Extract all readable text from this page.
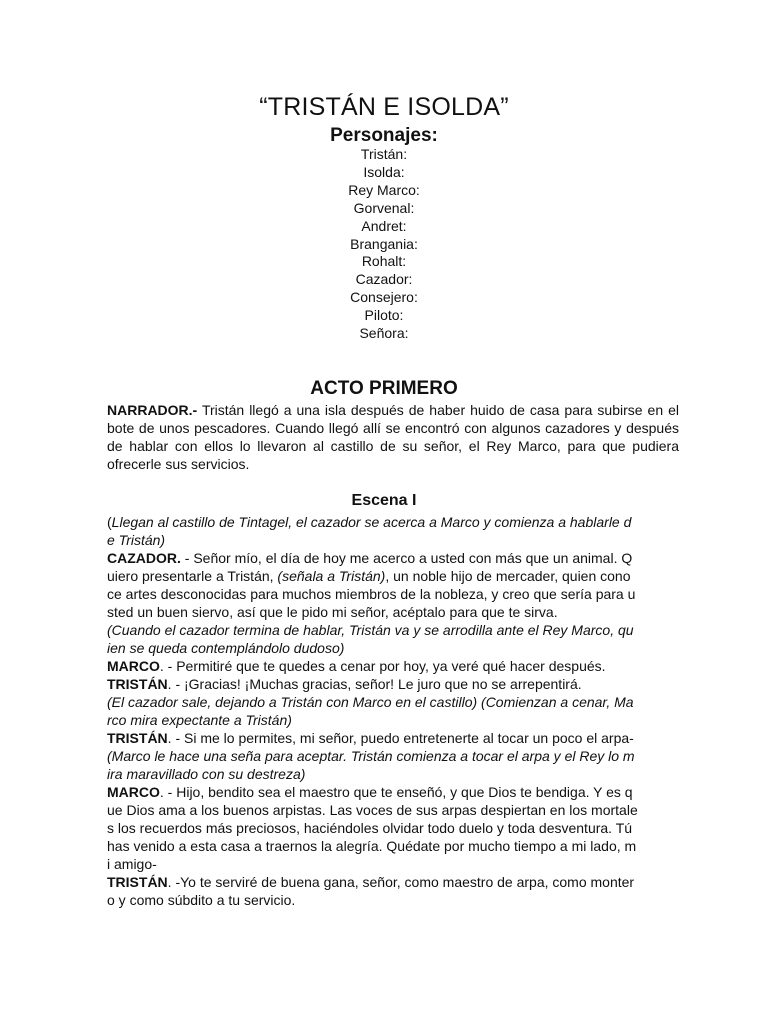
“TRISTÁN E ISOLDA”
Personajes:
Tristán:
Isolda:
Rey Marco:
Gorvenal:
Andret:
Brangania:
Rohalt:
Cazador:
Consejero:
Piloto:
Señora:
ACTO PRIMERO

NARRADOR.- Tristán llegó a una isla después de haber huido de casa para subirse en el bote de unos pescadores. Cuando llegó allí se encontró con algunos cazadores y después de hablar con ellos lo llevaron al castillo de su señor, el Rey Marco, para que pudiera ofrecerle sus servicios.

Escena I
(Llegan al castillo de Tintagel, el cazador se acerca a Marco y comienza a hablarle d
e Tristán)
CAZADOR. - Señor mío, el día de hoy me acerco a usted con más que un animal. Q
uiero presentarle a Tristán, (señala a Tristán), un noble hijo de mercader, quien cono
ce artes desconocidas para muchos miembros de la nobleza, y creo que sería para u
sted un buen siervo, así que le pido mi señor, acéptalo para que te sirva.
(Cuando el cazador termina de hablar, Tristán va y se arrodilla ante el Rey Marco, qu
ien se queda contemplándolo dudoso)
MARCO. - Permitiré que te quedes a cenar por hoy, ya veré qué hacer después.
TRISTÁN. - ¡Gracias! ¡Muchas gracias, señor! Le juro que no se arrepentirá.
(El cazador sale, dejando a Tristán con Marco en el castillo) (Comienzan a cenar, Ma
rco mira expectante a Tristán)
TRISTÁN. - Si me lo permites, mi señor, puedo entretenerte al tocar un poco el arpa-
(Marco le hace una seña para aceptar. Tristán comienza a tocar el arpa y el Rey lo m
ira maravillado con su destreza)
MARCO. - Hijo, bendito sea el maestro que te enseñó, y que Dios te bendiga. Y es q
ue Dios ama a los buenos arpistas. Las voces de sus arpas despiertan en los mortale
s los recuerdos más preciosos, haciéndoles olvidar todo duelo y toda desventura. Tú
has venido a esta casa a traernos la alegría. Quédate por mucho tiempo a mi lado, m
i amigo-
TRISTÁN. -Yo te serviré de buena gana, señor, como maestro de arpa, como monter
o y como súbdito a tu servicio.
